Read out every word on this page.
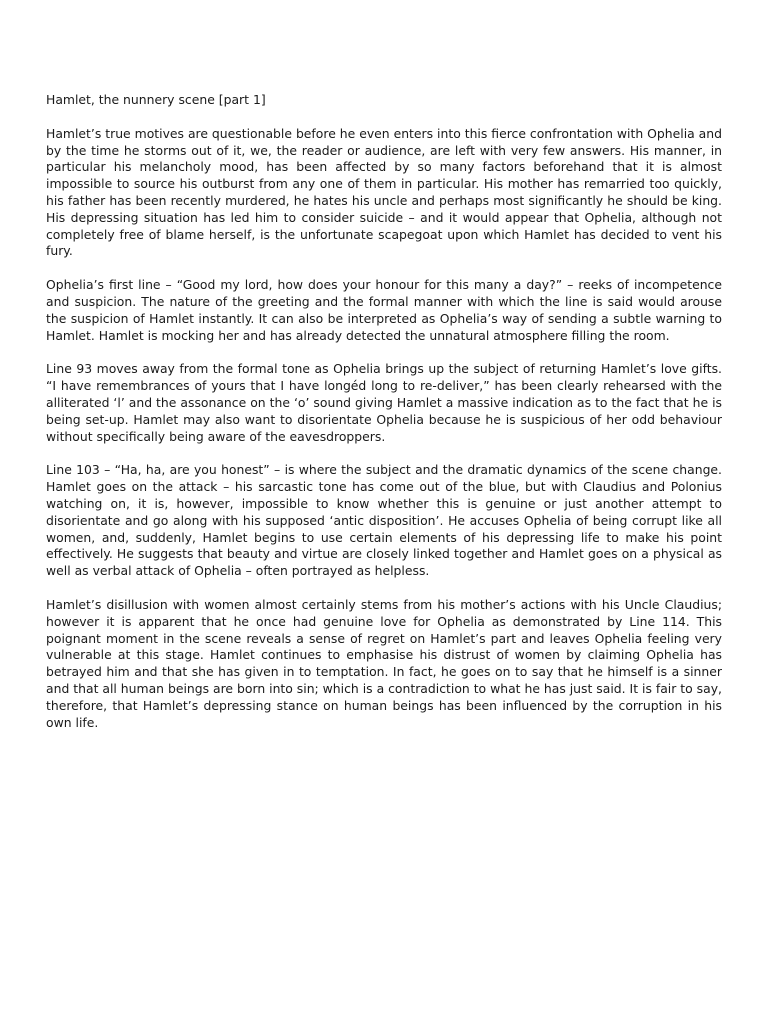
Hamlet, the nunnery scene [part 1]

Hamlet’s true motives are questionable before he even enters into this fierce confrontation with Ophelia and by the time he storms out of it, we, the reader or audience, are left with very few answers. His manner, in particular his melancholy mood, has been affected by so many factors beforehand that it is almost impossible to source his outburst from any one of them in particular. His mother has remarried too quickly, his father has been recently murdered, he hates his uncle and perhaps most significantly he should be king. His depressing situation has led him to consider suicide – and it would appear that Ophelia, although not completely free of blame herself, is the unfortunate scapegoat upon which Hamlet has decided to vent his fury.

Ophelia’s first line – “Good my lord, how does your honour for this many a day?” – reeks of incompetence and suspicion. The nature of the greeting and the formal manner with which the line is said would arouse the suspicion of Hamlet instantly. It can also be interpreted as Ophelia’s way of sending a subtle warning to Hamlet. Hamlet is mocking her and has already detected the unnatural atmosphere filling the room.

Line 93 moves away from the formal tone as Ophelia brings up the subject of returning Hamlet’s love gifts. “I have remembrances of yours that I have longéd long to re-deliver,” has been clearly rehearsed with the alliterated ‘l’ and the assonance on the ‘o’ sound giving Hamlet a massive indication as to the fact that he is being set-up. Hamlet may also want to disorientate Ophelia because he is suspicious of her odd behaviour without specifically being aware of the eavesdroppers.

Line 103 – “Ha, ha, are you honest” – is where the subject and the dramatic dynamics of the scene change. Hamlet goes on the attack – his sarcastic tone has come out of the blue, but with Claudius and Polonius watching on, it is, however, impossible to know whether this is genuine or just another attempt to disorientate and go along with his supposed ‘antic disposition’. He accuses Ophelia of being corrupt like all women, and, suddenly, Hamlet begins to use certain elements of his depressing life to make his point effectively. He suggests that beauty and virtue are closely linked together and Hamlet goes on a physical as well as verbal attack of Ophelia – often portrayed as helpless.

Hamlet’s disillusion with women almost certainly stems from his mother’s actions with his Uncle Claudius; however it is apparent that he once had genuine love for Ophelia as demonstrated by Line 114. This poignant moment in the scene reveals a sense of regret on Hamlet’s part and leaves Ophelia feeling very vulnerable at this stage. Hamlet continues to emphasise his distrust of women by claiming Ophelia has betrayed him and that she has given in to temptation. In fact, he goes on to say that he himself is a sinner and that all human beings are born into sin; which is a contradiction to what he has just said. It is fair to say, therefore, that Hamlet’s depressing stance on human beings has been influenced by the corruption in his own life.
